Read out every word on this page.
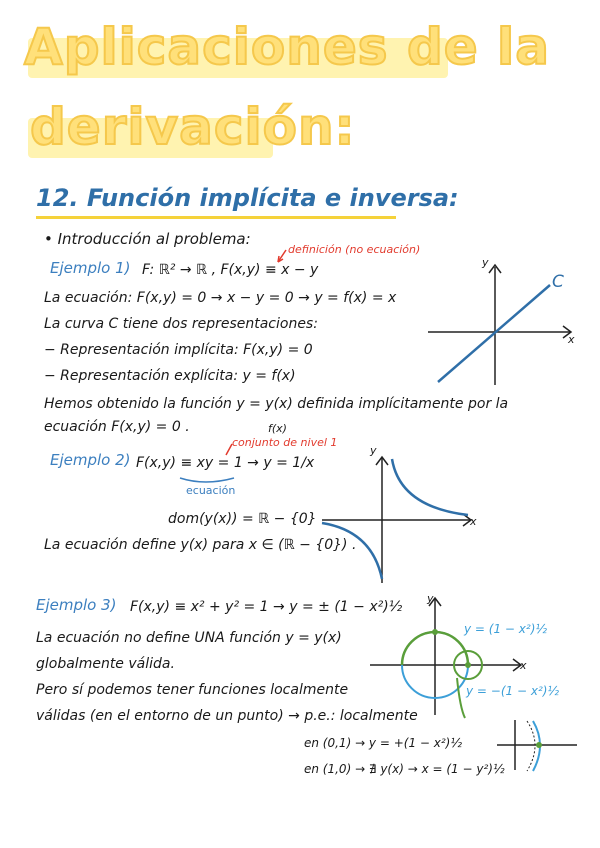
Aplicaciones de la
derivación:
12. Función implícita e inversa:
• Introducción al problema:
Ejemplo 1) F: ℝ² → ℝ , F(x,y) ≡ x − y
definición (no ecuación)
La ecuación: F(x,y) = 0 → x − y = 0 → y = f(x) = x
La curva C tiene dos representaciones:
− Representación implícita: F(x,y) = 0
− Representación explícita: y = f(x)
Hemos obtenido la función y = y(x) definida implícitamente por la
ecuación F(x,y) = 0 .	f(x)
y
x
C
Ejemplo 2) F(x,y) ≡ xy = 1 → y = 1/x
conjunto de nivel 1
ecuación
dom(y(x)) = ℝ − {0}
La ecuación define y(x) para x ∈ (ℝ − {0}) .
y
x
Ejemplo 3) F(x,y) ≡ x² + y² = 1 → y = ± (1 − x²)½
La ecuación no define UNA función y = y(x)
globalmente válida.
Pero sí podemos tener funciones localmente
válidas (en el entorno de un punto) → p.e.: localmente
en (0,1) → y = +(1 − x²)½
en (1,0) → ∄ y(x) → x = (1 − y²)½
y
x
y = (1 − x²)½
y = −(1 − x²)½
